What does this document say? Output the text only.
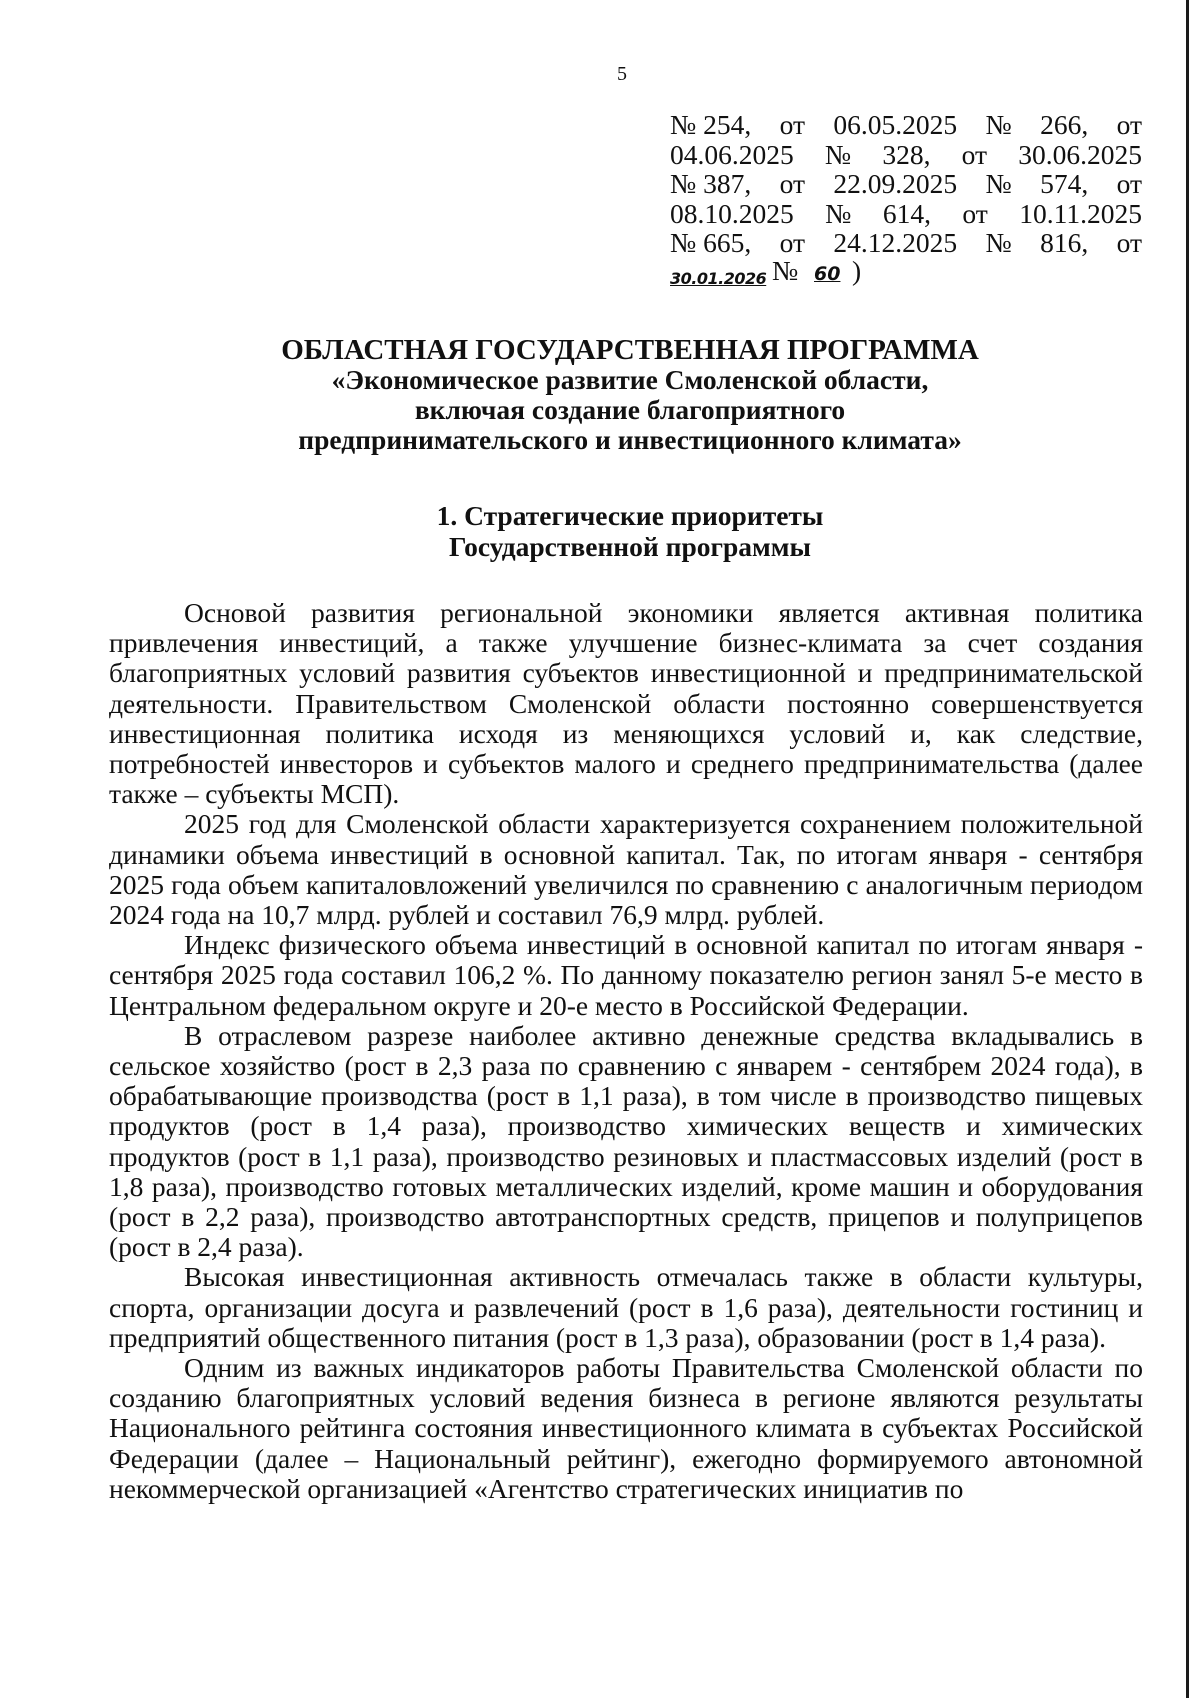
5
№ 254, от 06.05.2025 № 266, от
04.06.2025 № 328, от 30.06.2025
№ 387, от 22.09.2025 № 574, от
08.10.2025 № 614, от 10.11.2025
№ 665, от 24.12.2025 № 816, от
30.01.2026 № 60 )
ОБЛАСТНАЯ ГОСУДАРСТВЕННАЯ ПРОГРАММА
«Экономическое развитие Смоленской области,
включая создание благоприятного
предпринимательского и инвестиционного климата»
1. Стратегические приоритеты
Государственной программы

Основой развития региональной экономики является активная политика привлечения инвестиций, а также улучшение бизнес-климата за счет создания благоприятных условий развития субъектов инвестиционной и предпринимательской деятельности. Правительством Смоленской области постоянно совершенствуется инвестиционная политика исходя из меняющихся условий и, как следствие, потребностей инвесторов и субъектов малого и среднего предпринимательства (далее также – субъекты МСП).

2025 год для Смоленской области характеризуется сохранением положительной динамики объема инвестиций в основной капитал. Так, по итогам января - сентября 2025 года объем капиталовложений увеличился по сравнению с аналогичным периодом 2024 года на 10,7 млрд. рублей и составил 76,9 млрд. рублей.

Индекс физического объема инвестиций в основной капитал по итогам января - сентября 2025 года составил 106,2 %. По данному показателю регион занял 5-е место в Центральном федеральном округе и 20-е место в Российской Федерации.

В отраслевом разрезе наиболее активно денежные средства вкладывались в сельское хозяйство (рост в 2,3 раза по сравнению с январем - сентябрем 2024 года), в обрабатывающие производства (рост в 1,1 раза), в том числе в производство пищевых продуктов (рост в 1,4 раза), производство химических веществ и химических продуктов (рост в 1,1 раза), производство резиновых и пластмассовых изделий (рост в 1,8 раза), производство готовых металлических изделий, кроме машин и оборудования (рост в 2,2 раза), производство автотранспортных средств, прицепов и полуприцепов (рост в 2,4 раза).

Высокая инвестиционная активность отмечалась также в области культуры, спорта, организации досуга и развлечений (рост в 1,6 раза), деятельности гостиниц и предприятий общественного питания (рост в 1,3 раза), образовании (рост в 1,4 раза).

Одним из важных индикаторов работы Правительства Смоленской области по созданию благоприятных условий ведения бизнеса в регионе являются результаты Национального рейтинга состояния инвестиционного климата в субъектах Российской Федерации (далее – Национальный рейтинг), ежегодно формируемого автономной некоммерческой организацией «Агентство стратегических инициатив по
